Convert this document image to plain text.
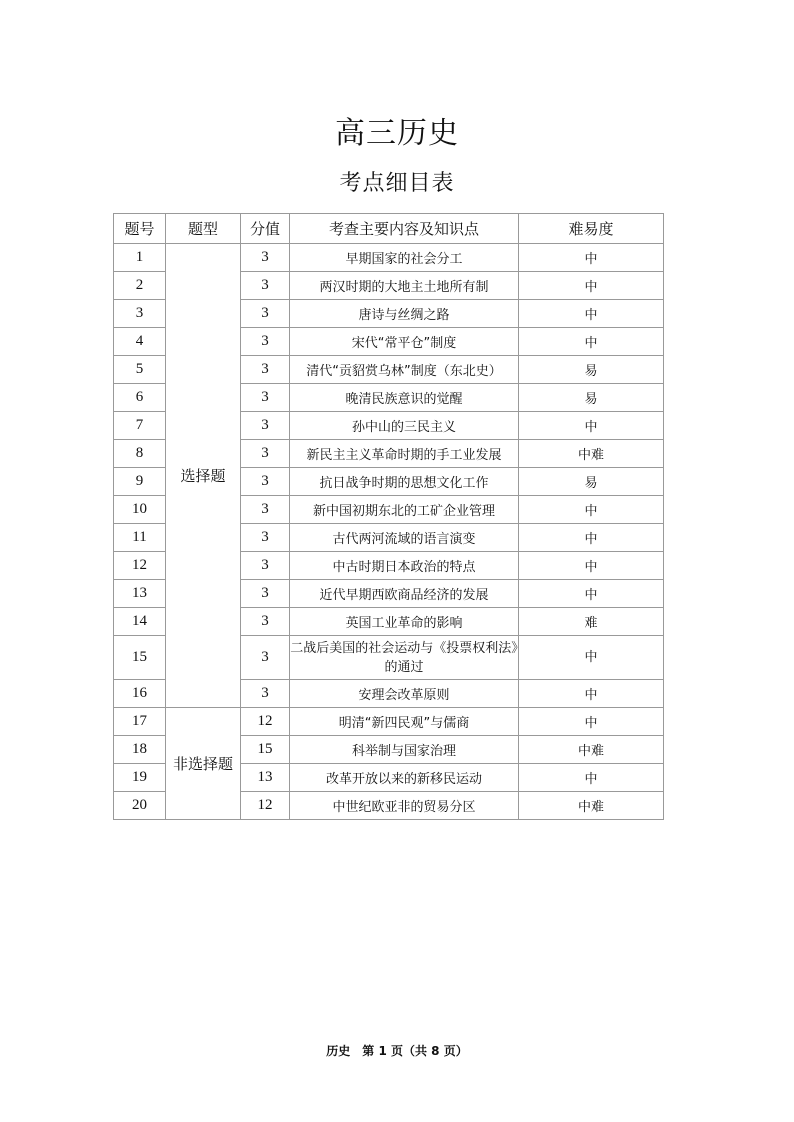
高三历史
考点细目表
题号	题型	分值	考查主要内容及知识点	难易度
1	选择题	3	早期国家的社会分工	中
2		3	两汉时期的大地主土地所有制	中
3		3	唐诗与丝绸之路	中
4		3	宋代“常平仓”制度	中
5		3	清代“贡貂赏乌林”制度（东北史）	易
6		3	晚清民族意识的觉醒	易
7		3	孙中山的三民主义	中
8		3	新民主主义革命时期的手工业发展	中难
9		3	抗日战争时期的思想文化工作	易
10		3	新中国初期东北的工矿企业管理	中
11		3	古代两河流域的语言演变	中
12		3	中古时期日本政治的特点	中
13		3	近代早期西欧商品经济的发展	中
14		3	英国工业革命的影响	难
15		3	二战后美国的社会运动与《投票权利法》的通过	中
16		3	安理会改革原则	中
17	非选择题	12	明清“新四民观”与儒商	中
18		15	科举制与国家治理	中难
19		13	改革开放以来的新移民运动	中
20		12	中世纪欧亚非的贸易分区	中难
历史　第 1 页（共 8 页）
